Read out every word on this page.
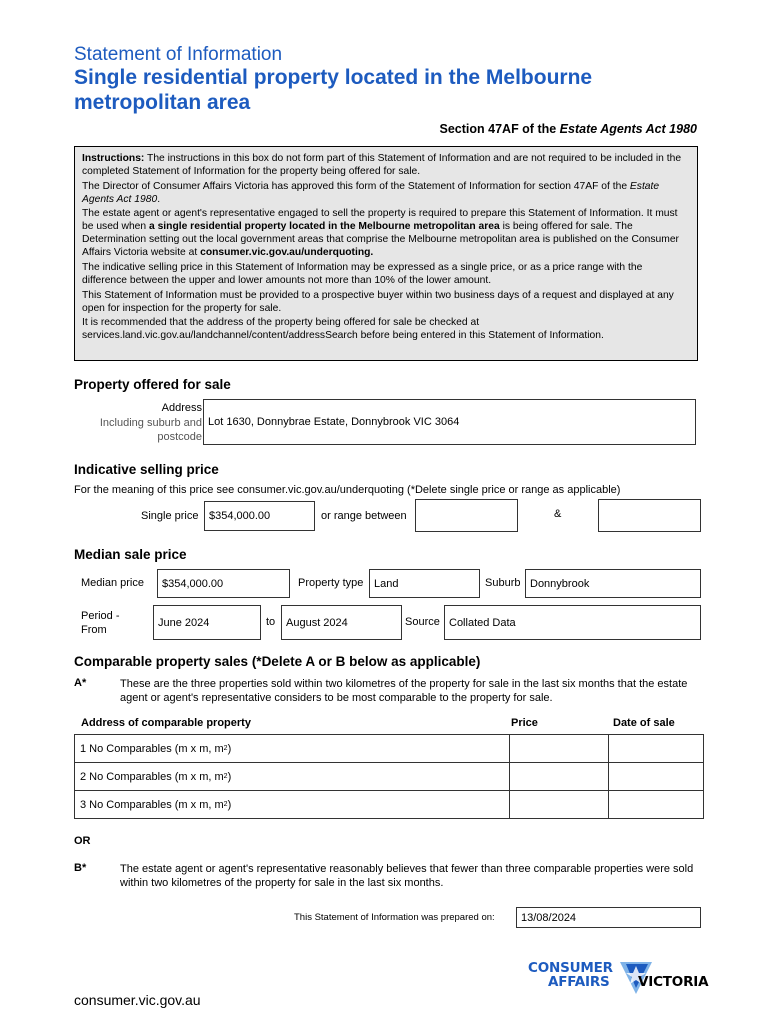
Statement of Information
Single residential property located in the Melbourne metropolitan area
Section 47AF of the Estate Agents Act 1980

Instructions: The instructions in this box do not form part of this Statement of Information and are not required to be included in the completed Statement of Information for the property being offered for sale.

The Director of Consumer Affairs Victoria has approved this form of the Statement of Information for section 47AF of the Estate Agents Act 1980.

The estate agent or agent's representative engaged to sell the property is required to prepare this Statement of Information. It must be used when a single residential property located in the Melbourne metropolitan area is being offered for sale. The Determination setting out the local government areas that comprise the Melbourne metropolitan area is published on the Consumer Affairs Victoria website at consumer.vic.gov.au/underquoting.

The indicative selling price in this Statement of Information may be expressed as a single price, or as a price range with the difference between the upper and lower amounts not more than 10% of the lower amount.

This Statement of Information must be provided to a prospective buyer within two business days of a request and displayed at any open for inspection for the property for sale.

It is recommended that the address of the property being offered for sale be checked at services.land.vic.gov.au/landchannel/content/addressSearch before being entered in this Statement of Information.

Property offered for sale
Address
Including suburb and
postcode
Lot 1630, Donnybrae Estate, Donnybrook VIC 3064
Indicative selling price
For the meaning of this price see consumer.vic.gov.au/underquoting (*Delete single price or range as applicable)
Single price $354,000.00	or range between	&
Median sale price
Median price	$354,000.00	Property type Land	Suburb Donnybrook
Period -
From
June 2024	to August 2024	Source Collated Data
Comparable property sales (*Delete A or B below as applicable)
A*	These are the three properties sold within two kilometres of the property for sale in the last six months that the estate agent or agent's representative considers to be most comparable to the property for sale.
Address of comparable property	Price	Date of sale
1 No Comparables (m x m, m 2 )
2 No Comparables (m x m, m 2 )
3 No Comparables (m x m, m 2 )
OR
B*	The estate agent or agent's representative reasonably believes that fewer than three comparable properties were sold within two kilometres of the property for sale in the last six months.
This Statement of Information was prepared on:	13/08/2024
CONSUMER
AFFAIRS VICTORIA
consumer.vic.gov.au
